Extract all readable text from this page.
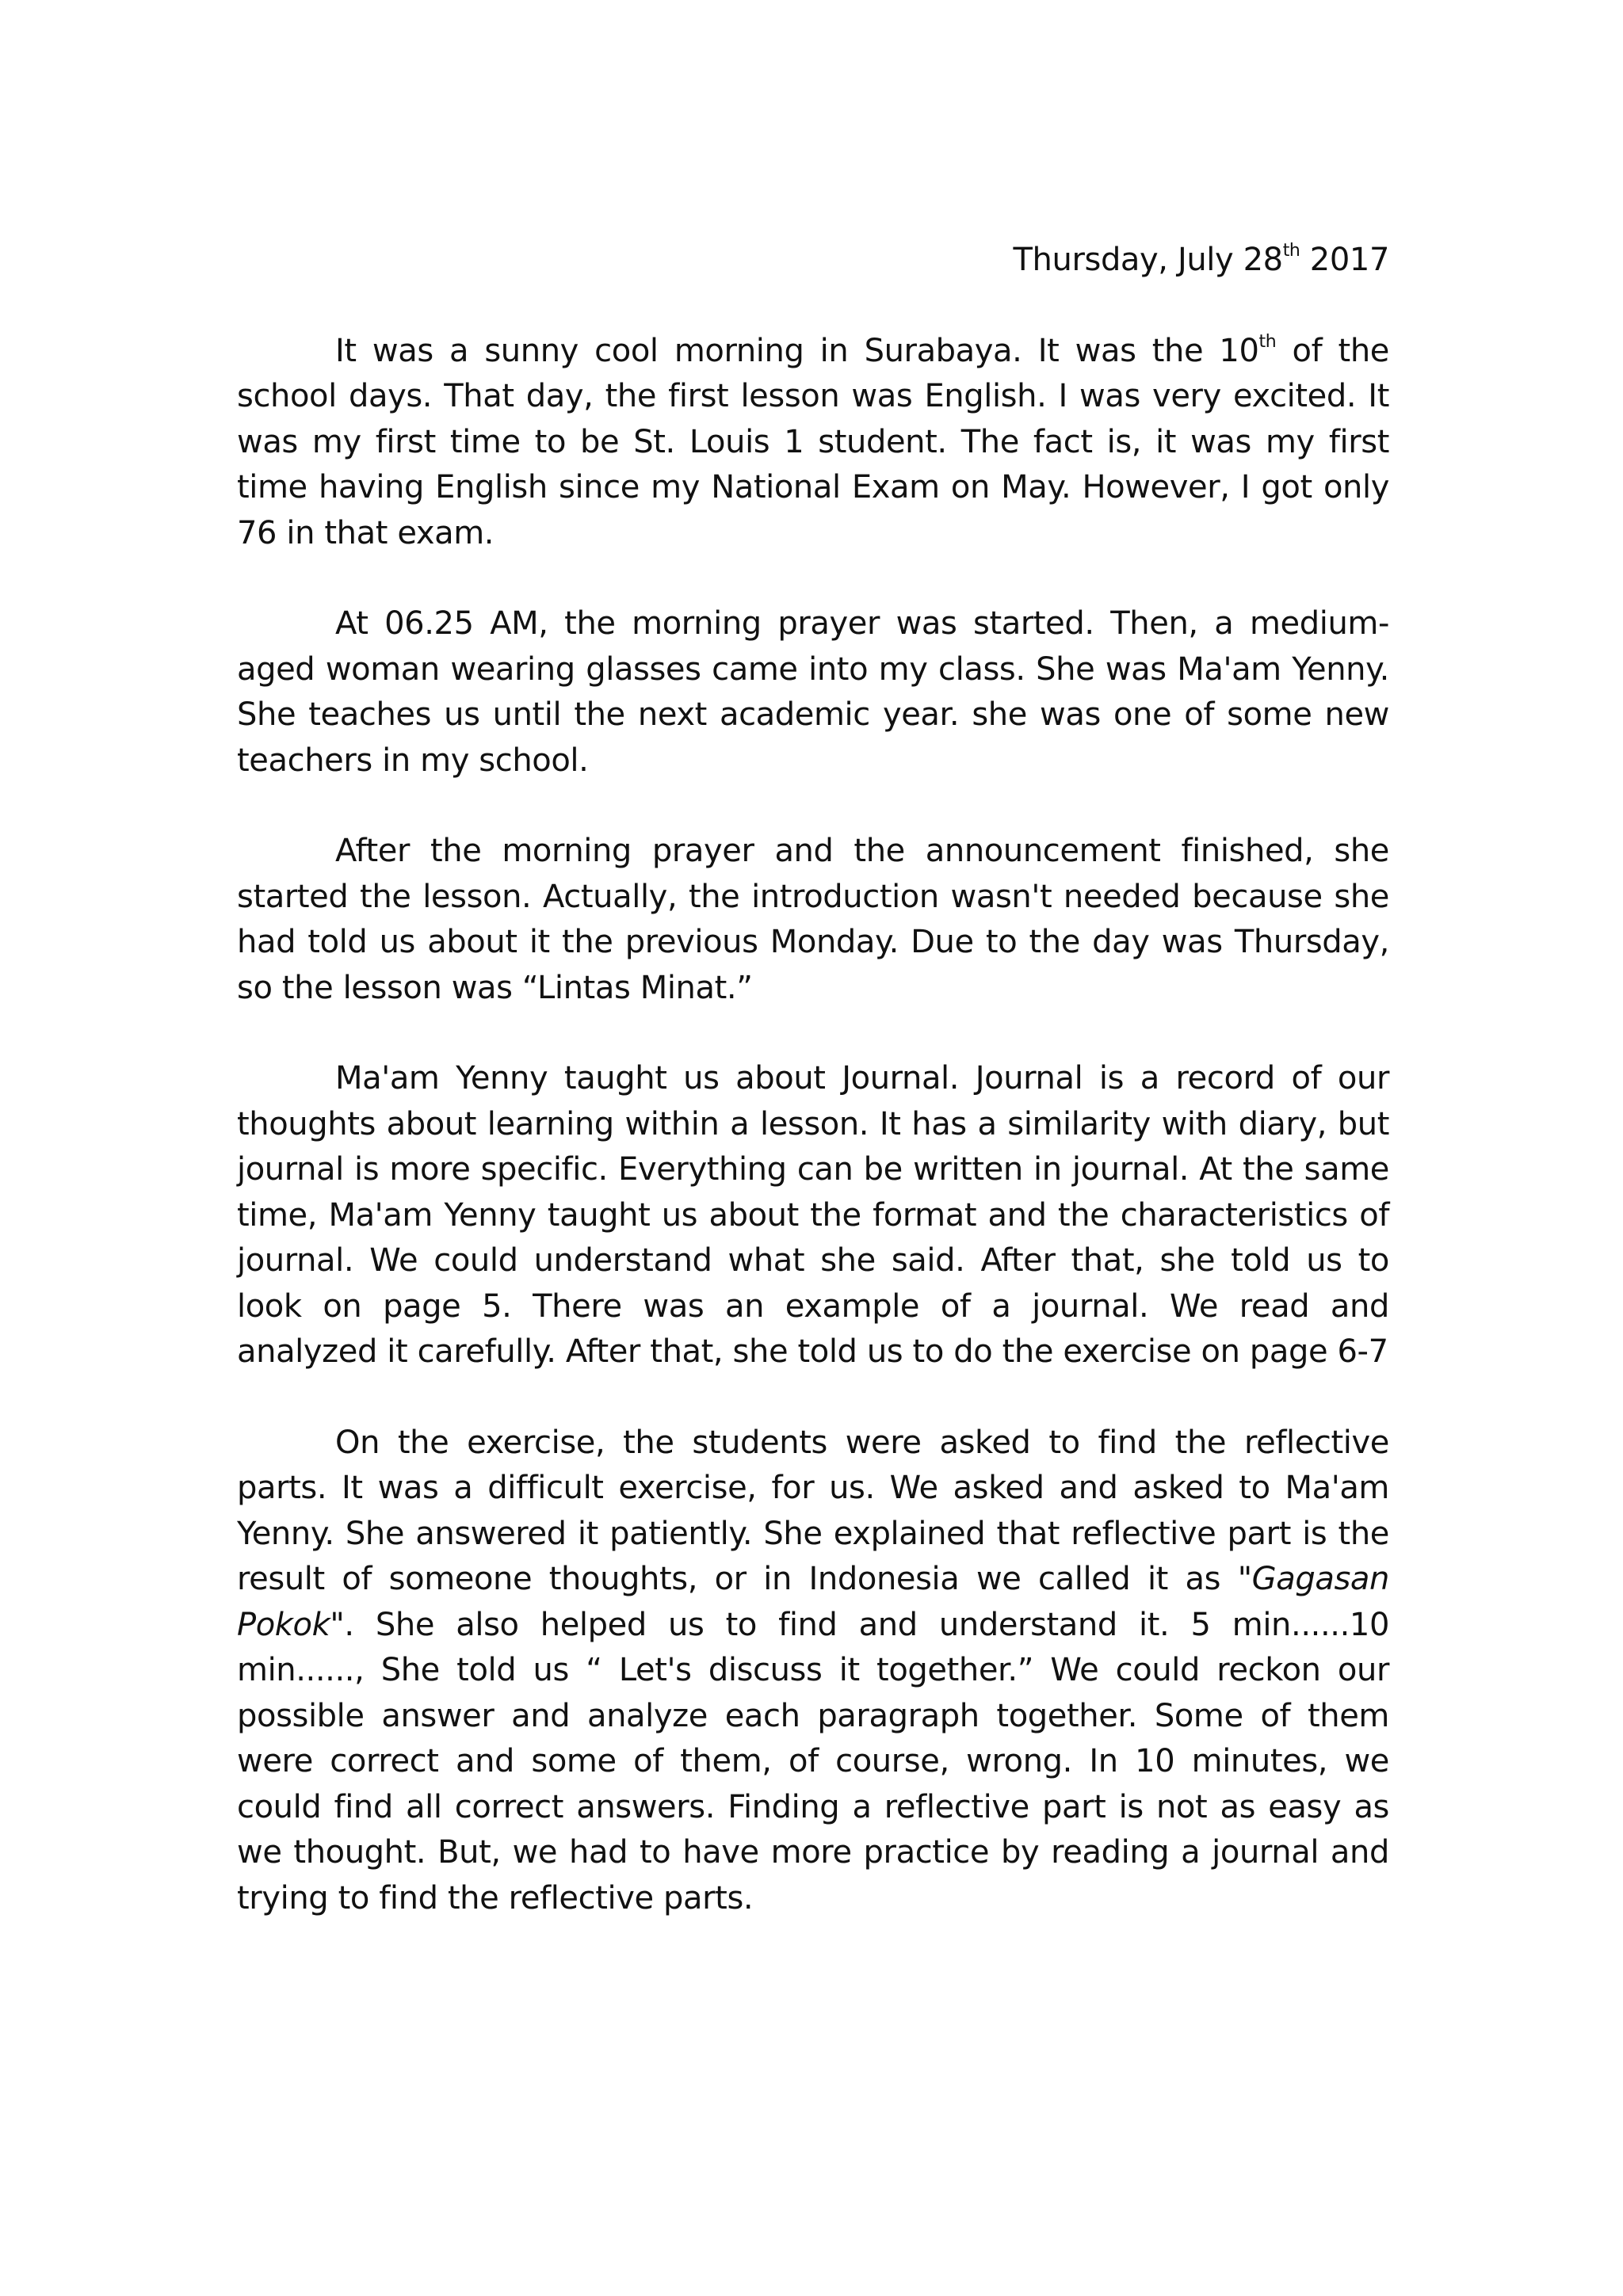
Thursday, July 28th 2017

It was a sunny cool morning in Surabaya. It was the 10th of the school days. That day, the first lesson was English. I was very excited. It was my first time to be St. Louis 1 student. The fact is, it was my first time having English since my National Exam on May. However, I got only 76 in that exam.

At 06.25 AM, the morning prayer was started. Then, a medium-aged woman wearing glasses came into my class. She was Ma'am Yenny. She teaches us until the next academic year. she was one of some new teachers in my school.

After the morning prayer and the announcement finished, she started the lesson. Actually, the introduction wasn't needed because she had told us about it the previous Monday. Due to the day was Thursday, so the lesson was “Lintas Minat.”

Ma'am Yenny taught us about Journal. Journal is a record of our thoughts about learning within a lesson. It has a similarity with diary, but journal is more specific. Everything can be written in journal. At the same time, Ma'am Yenny taught us about the format and the characteristics of journal. We could understand what she said. After that, she told us to look on page 5. There was an example of a journal. We read and analyzed it carefully. After that, she told us to do the exercise on page 6-7

On the exercise, the students were asked to find the reflective parts. It was a difficult exercise, for us. We asked and asked to Ma'am Yenny. She answered it patiently. She explained that reflective part is the result of someone thoughts, or in Indonesia we called it as "Gagasan Pokok". She also helped us to find and understand it. 5 min......10 min......, She told us “ Let's discuss it together.” We could reckon our possible answer and analyze each paragraph together. Some of them were correct and some of them, of course, wrong. In 10 minutes, we could find all correct answers. Finding a reflective part is not as easy as we thought. But, we had to have more practice by reading a journal and trying to find the reflective parts.
